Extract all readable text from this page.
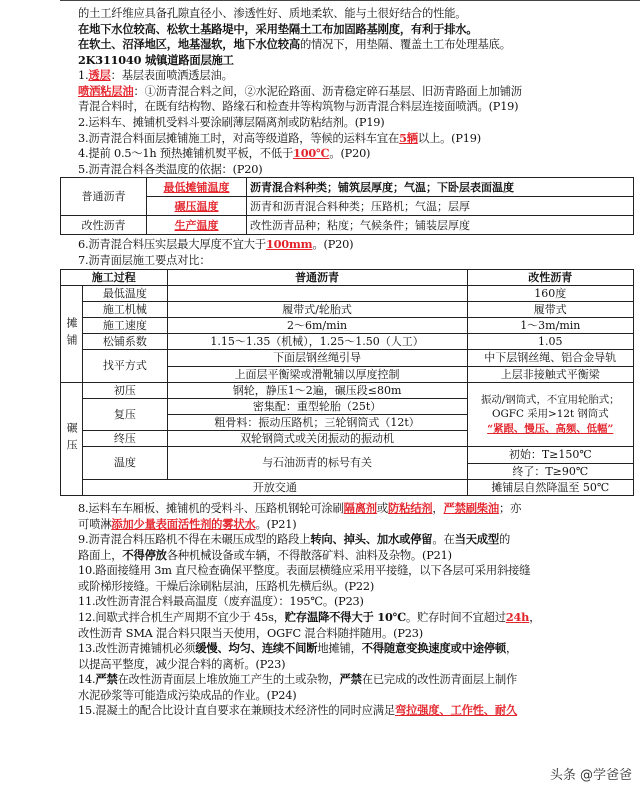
的土工纤维应具备孔隙直径小、渗透性好、质地柔软、能与土很好结合的性能。

在地下水位较高、松软土基路堤中，采用垫隔土工布加固路基刚度，有利于排水。

在软土、沼泽地区，地基湿软，地下水位较高的情况下，用垫隔、覆盖土工布处理基底。

2K311040 城镇道路面层施工

1.透层：基层表面喷洒透层油。

喷洒粘层油：①沥青混合料之间，②水泥砼路面、沥青稳定碎石基层、旧沥青路面上加铺沥

青混合料时，在既有结构物、路缘石和检查井等构筑物与沥青混合料层连接面喷洒。(P19)

2.运料车、摊铺机受料斗要涂刷薄层隔离剂或防粘结剂。(P19)

3.沥青混合料面层摊铺施工时，对高等级道路，等候的运料车宜在5辆以上。(P19)

4.提前 0.5～1h 预热摊铺机熨平板，不低于100℃。(P20)

5.沥青混合料各类温度的依据：(P20)

普通沥青	最低摊铺温度	沥青混合料种类；铺筑层厚度；气温；下卧层表面温度
	碾压温度	沥青和沥青混合料种类；压路机；气温；层厚
改性沥青	生产温度	改性沥青品种；粘度；气候条件；铺装层厚度

6.沥青混合料压实层最大厚度不宜大于100mm。(P20)

7.沥青面层施工要点对比：

施工过程		普通沥青	改性沥青
摊铺	最低温度		160度
	施工机械	履带式/轮胎式	履带式
	施工速度	2～6m/min	1～3m/min
	松铺系数	1.15～1.35（机械），1.25～1.50（人工）	1.05
	找平方式	下面层钢丝绳引导	中下层钢丝绳、铝合金导轨
		上面层平衡梁或滑靴辅以厚度控制	上层非接触式平衡梁
碾压	初压	钢轮，静压1～2遍，碾压段≤80m	振动/钢筒式，不宜用轮胎式；
OGFC 采用>12t 钢筒式
“紧跟、慢压、高频、低幅”

	复压	密集配：重型轮胎（25t）	
		粗骨料：振动压路机；三轮钢筒式（12t）	
	终压	双轮钢筒式或关闭振动的振动机	
	温度	与石油沥青的标号有关	初始：T≥150℃
			终了：T≥90℃
	开放交通		摊铺层自然降温至 50℃

8.运料车车厢板、摊铺机的受料斗、压路机钢轮可涂刷隔离剂或防粘结剂，严禁刷柴油；亦

可喷淋添加少量表面活性剂的雾状水。(P21)

9.沥青混合料压路机不得在未碾压成型的路段上转向、掉头、加水或停留。在当天成型的

路面上，不得停放各种机械设备或车辆，不得散落矿料、油料及杂物。(P21)

10.路面接缝用 3m 直尺检查确保平整度。表面层横缝应采用平接缝，以下各层可采用斜接缝

或阶梯形接缝。干燥后涂刷粘层油，压路机先横后纵。(P22)

11.改性沥青混合料最高温度（废弃温度）：195℃。(P23)

12.间歇式拌合机生产周期不宜少于 45s，贮存温降不得大于 10℃。贮存时间不宜超过24h，

改性沥青 SMA 混合料只限当天使用，OGFC 混合料随拌随用。(P23)

13.改性沥青摊铺机必须缓慢、均匀、连续不间断地摊铺，不得随意变换速度或中途停顿，

以提高平整度，减少混合料的离析。(P23)

14.严禁在改性沥青面层上堆放施工产生的土或杂物，严禁在已完成的改性沥青面层上制作

水泥砂浆等可能造成污染成品的作业。(P24)

15.混凝土的配合比设计直自要求在兼顾技术经济性的同时应满足弯拉强度、工作性、耐久

头条 @学爸爸
